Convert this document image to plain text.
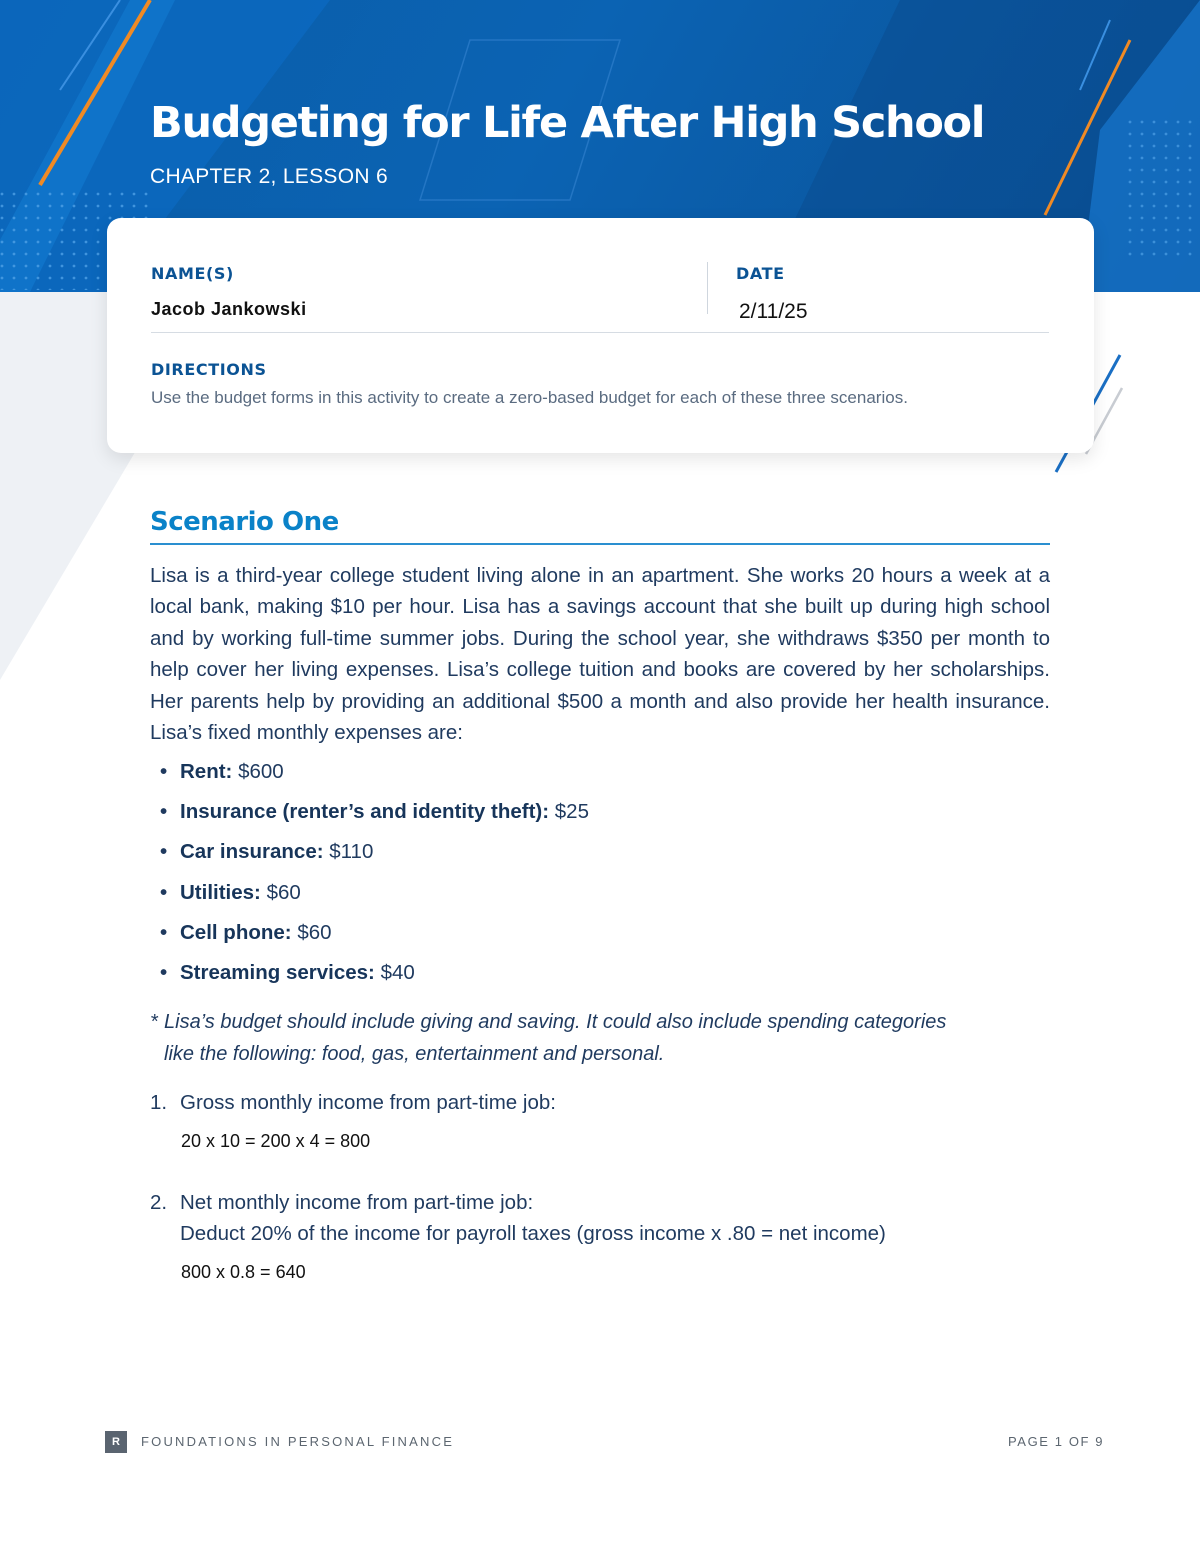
Budgeting for Life After High School
CHAPTER 2, LESSON 6
NAME(S)
Jacob Jankowski
DATE
2/11/25
DIRECTIONS
Use the budget forms in this activity to create a zero-based budget for each of these three scenarios.
Scenario One

Lisa is a third-year college student living alone in an apartment. She works 20 hours a week at a local bank, making $10 per hour. Lisa has a savings account that she built up during high school and by working full-time summer jobs. During the school year, she withdraws $350 per month to help cover her living expenses. Lisa’s college tuition and books are covered by her scholarships. Her parents help by providing an additional $500 a month and also provide her health insurance. Lisa’s fixed monthly expenses are:

• Rent: $600
• Insurance (renter’s and identity theft): $25
• Car insurance: $110
• Utilities: $60
• Cell phone: $60
• Streaming services: $40

* Lisa’s budget should include giving and saving. It could also include spending categories
like the following: food, gas, entertainment and personal.

1. Gross monthly income from part-time job:
20 x 10 = 200 x 4 = 800
2. Net monthly income from part-time job:
Deduct 20% of the income for payroll taxes (gross income x .80 = net income)
800 x 0.8 = 640
R	FOUNDATIONS IN PERSONAL FINANCE	PAGE 1 OF 9
